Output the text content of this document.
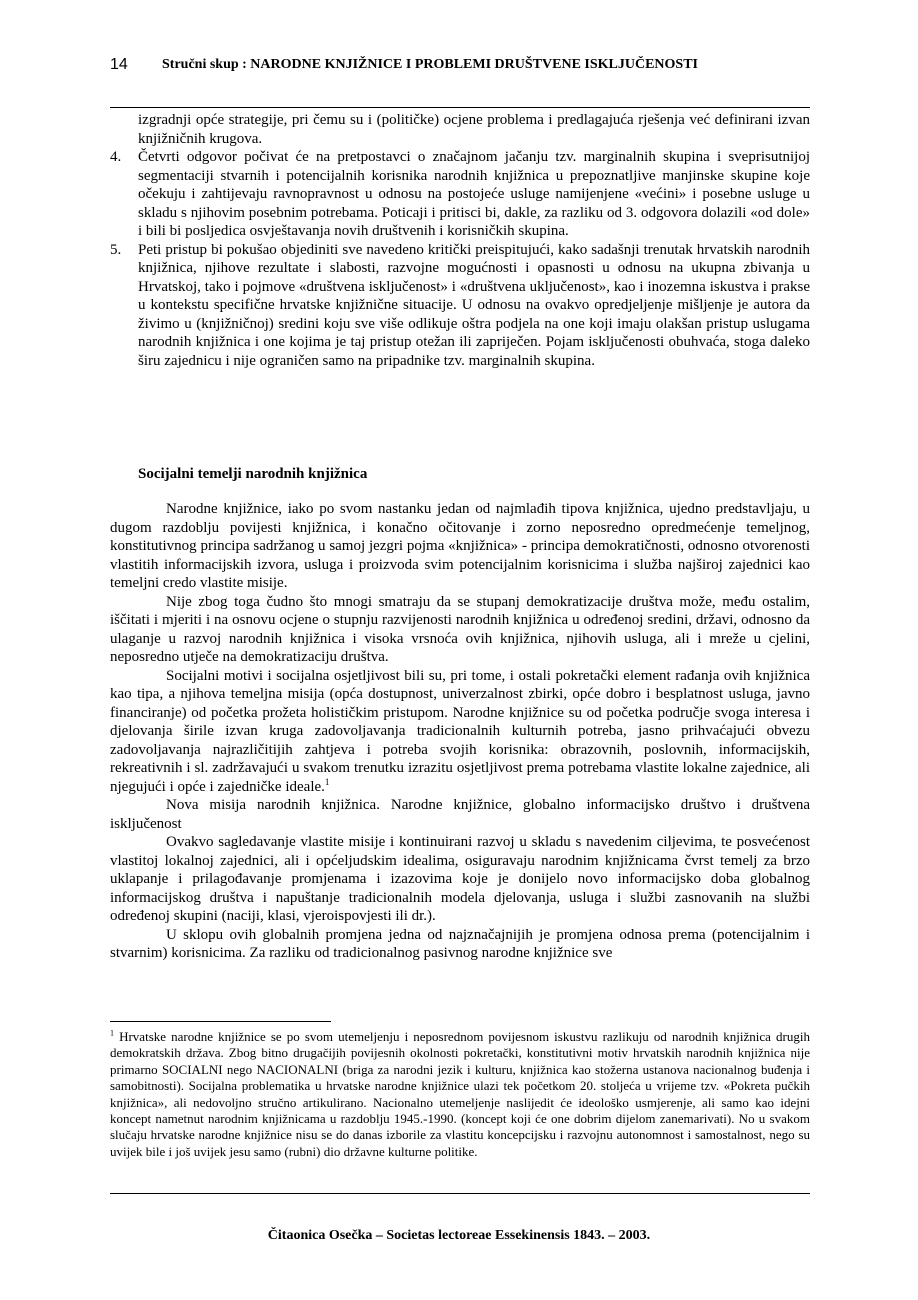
14 Stručni skup : NARODNE KNJIŽNICE I PROBLEMI DRUŠTVENE ISKLJUČENOSTI

izgradnji opće strategije, pri čemu su i (političke) ocjene problema i predlagajuća rješenja već definirani izvan knjižničnih krugova.

4. Četvrti odgovor počivat će na pretpostavci o značajnom jačanju tzv. marginalnih skupina i sveprisutnijoj segmentaciji stvarnih i potencijalnih korisnika narodnih knjižnica u prepoznatljive manjinske skupine koje očekuju i zahtijevaju ravnopravnost u odnosu na postojeće usluge namijenjene «većini» i posebne usluge u skladu s njihovim posebnim potrebama. Poticaji i pritisci bi, dakle, za razliku od 3. odgovora dolazili «od dole» i bili bi posljedica osvještavanja novih društvenih i korisničkih skupina.
5. Peti pristup bi pokušao objediniti sve navedeno kritički preispitujući, kako sadašnji trenutak hrvatskih narodnih knjižnica, njihove rezultate i slabosti, razvojne mogućnosti i opasnosti u odnosu na ukupna zbivanja u Hrvatskoj, tako i pojmove «društvena isključenost» i «društvena uključenost», kao i inozemna iskustva i prakse u kontekstu specifične hrvatske knjižnične situacije. U odnosu na ovakvo opredjeljenje mišljenje je autora da živimo u (knjižničnoj) sredini koju sve više odlikuje oštra podjela na one koji imaju olakšan pristup uslugama narodnih knjižnica i one kojima je taj pristup otežan ili zapriječen. Pojam isključenosti obuhvaća, stoga daleko širu zajednicu i nije ograničen samo na pripadnike tzv. marginalnih skupina.
Socijalni temelji narodnih knjižnica

Narodne knjižnice, iako po svom nastanku jedan od najmlađih tipova knjižnica, ujedno predstavljaju, u dugom razdoblju povijesti knjižnica, i konačno očitovanje i zorno neposredno opredmećenje temeljnog, konstitutivnog principa sadržanog u samoj jezgri pojma «knjižnica» - principa demokratičnosti, odnosno otvorenosti vlastitih informacijskih izvora, usluga i proizvoda svim potencijalnim korisnicima i služba najširoj zajednici kao temeljni credo vlastite misije.

Nije zbog toga čudno što mnogi smatraju da se stupanj demokratizacije društva može, među ostalim, iščitati i mjeriti i na osnovu ocjene o stupnju razvijenosti narodnih knjižnica u određenoj sredini, državi, odnosno da ulaganje u razvoj narodnih knjižnica i visoka vrsnoća ovih knjižnica, njihovih usluga, ali i mreže u cjelini, neposredno utječe na demokratizaciju društva.

Socijalni motivi i socijalna osjetljivost bili su, pri tome, i ostali pokretački element rađanja ovih knjižnica kao tipa, a njihova temeljna misija (opća dostupnost, univerzalnost zbirki, opće dobro i besplatnost usluga, javno financiranje) od početka prožeta holističkim pristupom. Narodne knjižnice su od početka područje svoga interesa i djelovanja širile izvan kruga zadovoljavanja tradicionalnih kulturnih potreba, jasno prihvaćajući obvezu zadovoljavanja najrazličitijih zahtjeva i potreba svojih korisnika: obrazovnih, poslovnih, informacijskih, rekreativnih i sl. zadržavajući u svakom trenutku izrazitu osjetljivost prema potrebama vlastite lokalne zajednice, ali njegujući i opće i zajedničke ideale.$^1$

Nova misija narodnih knjižnica. Narodne knjižnice, globalno informacijsko društvo i društvena isključenost

Ovakvo sagledavanje vlastite misije i kontinuirani razvoj u skladu s navedenim ciljevima, te posvećenost vlastitoj lokalnoj zajednici, ali i općeljudskim idealima, osiguravaju narodnim knjižnicama čvrst temelj za brzo uklapanje i prilagođavanje promjenama i izazovima koje je donijelo novo informacijsko doba globalnog informacijskog društva i napuštanje tradicionalnih modela djelovanja, usluga i službi zasnovanih na službi određenoj skupini (naciji, klasi, vjeroispovjesti ili dr.).

U sklopu ovih globalnih promjena jedna od najznačajnijih je promjena odnosa prema (potencijalnim i stvarnim) korisnicima. Za razliku od tradicionalnog pasivnog narodne knjižnice sve

$^1$ Hrvatske narodne knjižnice se po svom utemeljenju i neposrednom povijesnom iskustvu razlikuju od narodnih knjižnica drugih demokratskih država. Zbog bitno drugačijih povijesnih okolnosti pokretački, konstitutivni motiv hrvatskih narodnih knjižnica nije primarno SOCIALNI nego NACIONALNI (briga za narodni jezik i kulturu, knjižnica kao stožerna ustanova nacionalnog buđenja i samobitnosti). Socijalna problematika u hrvatske narodne knjižnice ulazi tek početkom 20. stoljeća u vrijeme tzv. «Pokreta pučkih knjižnica», ali nedovoljno stručno artikulirano. Nacionalno utemeljenje naslijedit će ideološko usmjerenje, ali samo kao idejni koncept nametnut narodnim knjižnicama u razdoblju 1945.-1990. (koncept koji će one dobrim dijelom zanemarivati). No u svakom slučaju hrvatske narodne knjižnice nisu se do danas izborile za vlastitu koncepcijsku i razvojnu autonomnost i samostalnost, nego su uvijek bile i još uvijek jesu samo (rubni) dio državne kulturne politike.

Čitaonica Osečka – Societas lectoreae Essekinensis 1843. – 2003.
